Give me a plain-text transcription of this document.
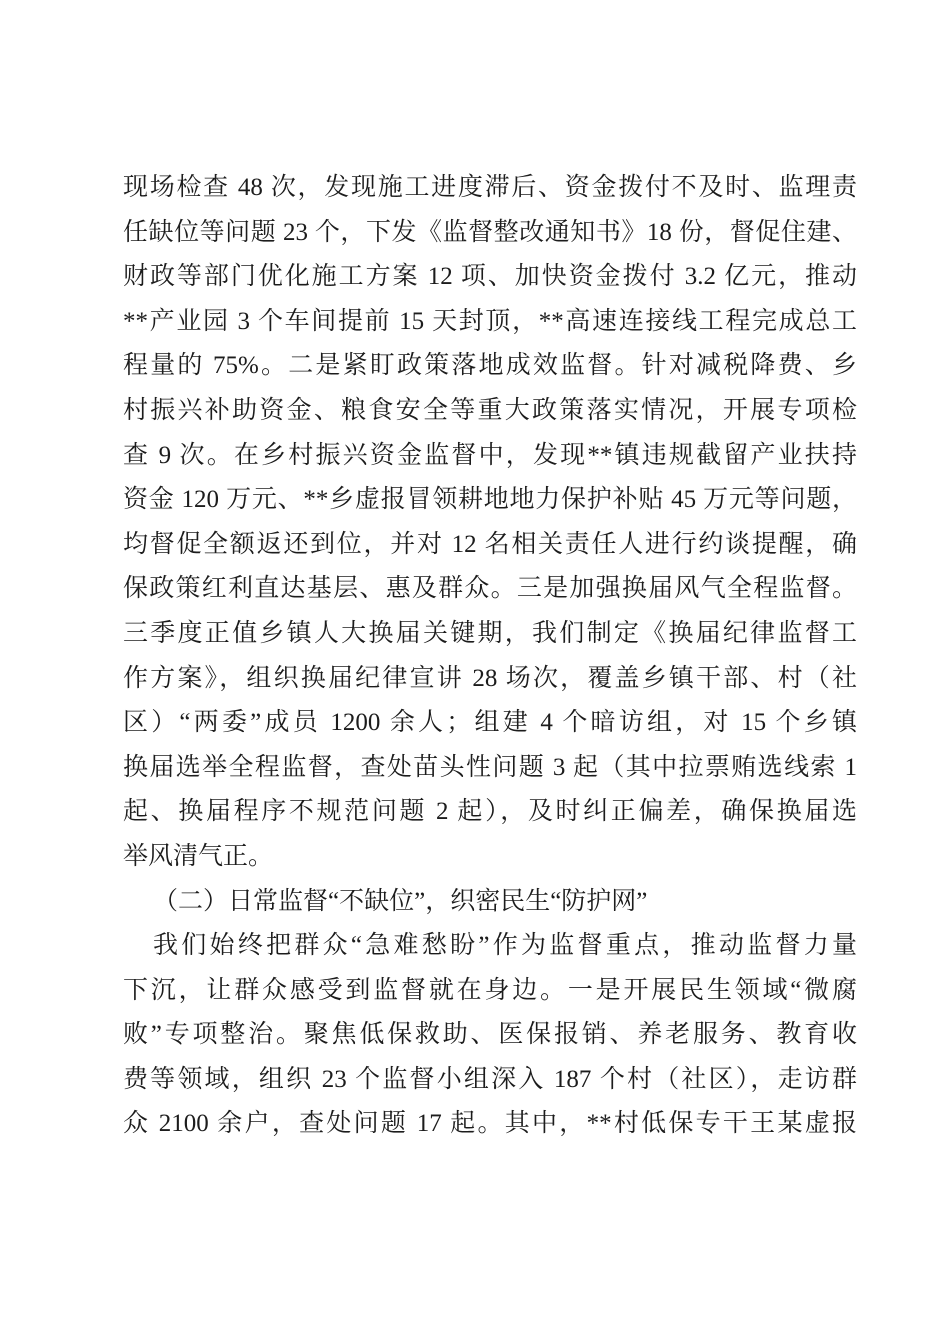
现场检查 48 次，发现施工进度滞后、资金拨付不及时、监理责
任缺位等问题 23 个，下发《监督整改通知书》18 份，督促住建、
财政等部门优化施工方案 12 项、加快资金拨付 3.2 亿元，推动
**产业园 3 个车间提前 15 天封顶，**高速连接线工程完成总工
程量的 75%。二是紧盯政策落地成效监督。针对减税降费、乡
村振兴补助资金、粮食安全等重大政策落实情况，开展专项检
查 9 次。在乡村振兴资金监督中，发现**镇违规截留产业扶持
资金 120 万元、**乡虚报冒领耕地地力保护补贴 45 万元等问题，
均督促全额返还到位，并对 12 名相关责任人进行约谈提醒，确
保政策红利直达基层、惠及群众。三是加强换届风气全程监督。
三季度正值乡镇人大换届关键期，我们制定《换届纪律监督工
作方案》，组织换届纪律宣讲 28 场次，覆盖乡镇干部、村（社
区）“两委”成员 1200 余人；组建 4 个暗访组，对 15 个乡镇
换届选举全程监督，查处苗头性问题 3 起（其中拉票贿选线索 1
起、换届程序不规范问题 2 起），及时纠正偏差，确保换届选
举风清气正。
（二）日常监督“不缺位”，织密民生“防护网”
我们始终把群众“急难愁盼”作为监督重点，推动监督力量
下沉，让群众感受到监督就在身边。一是开展民生领域“微腐
败”专项整治。聚焦低保救助、医保报销、养老服务、教育收
费等领域，组织 23 个监督小组深入 187 个村（社区），走访群
众 2100 余户，查处问题 17 起。其中，**村低保专干王某虚报
